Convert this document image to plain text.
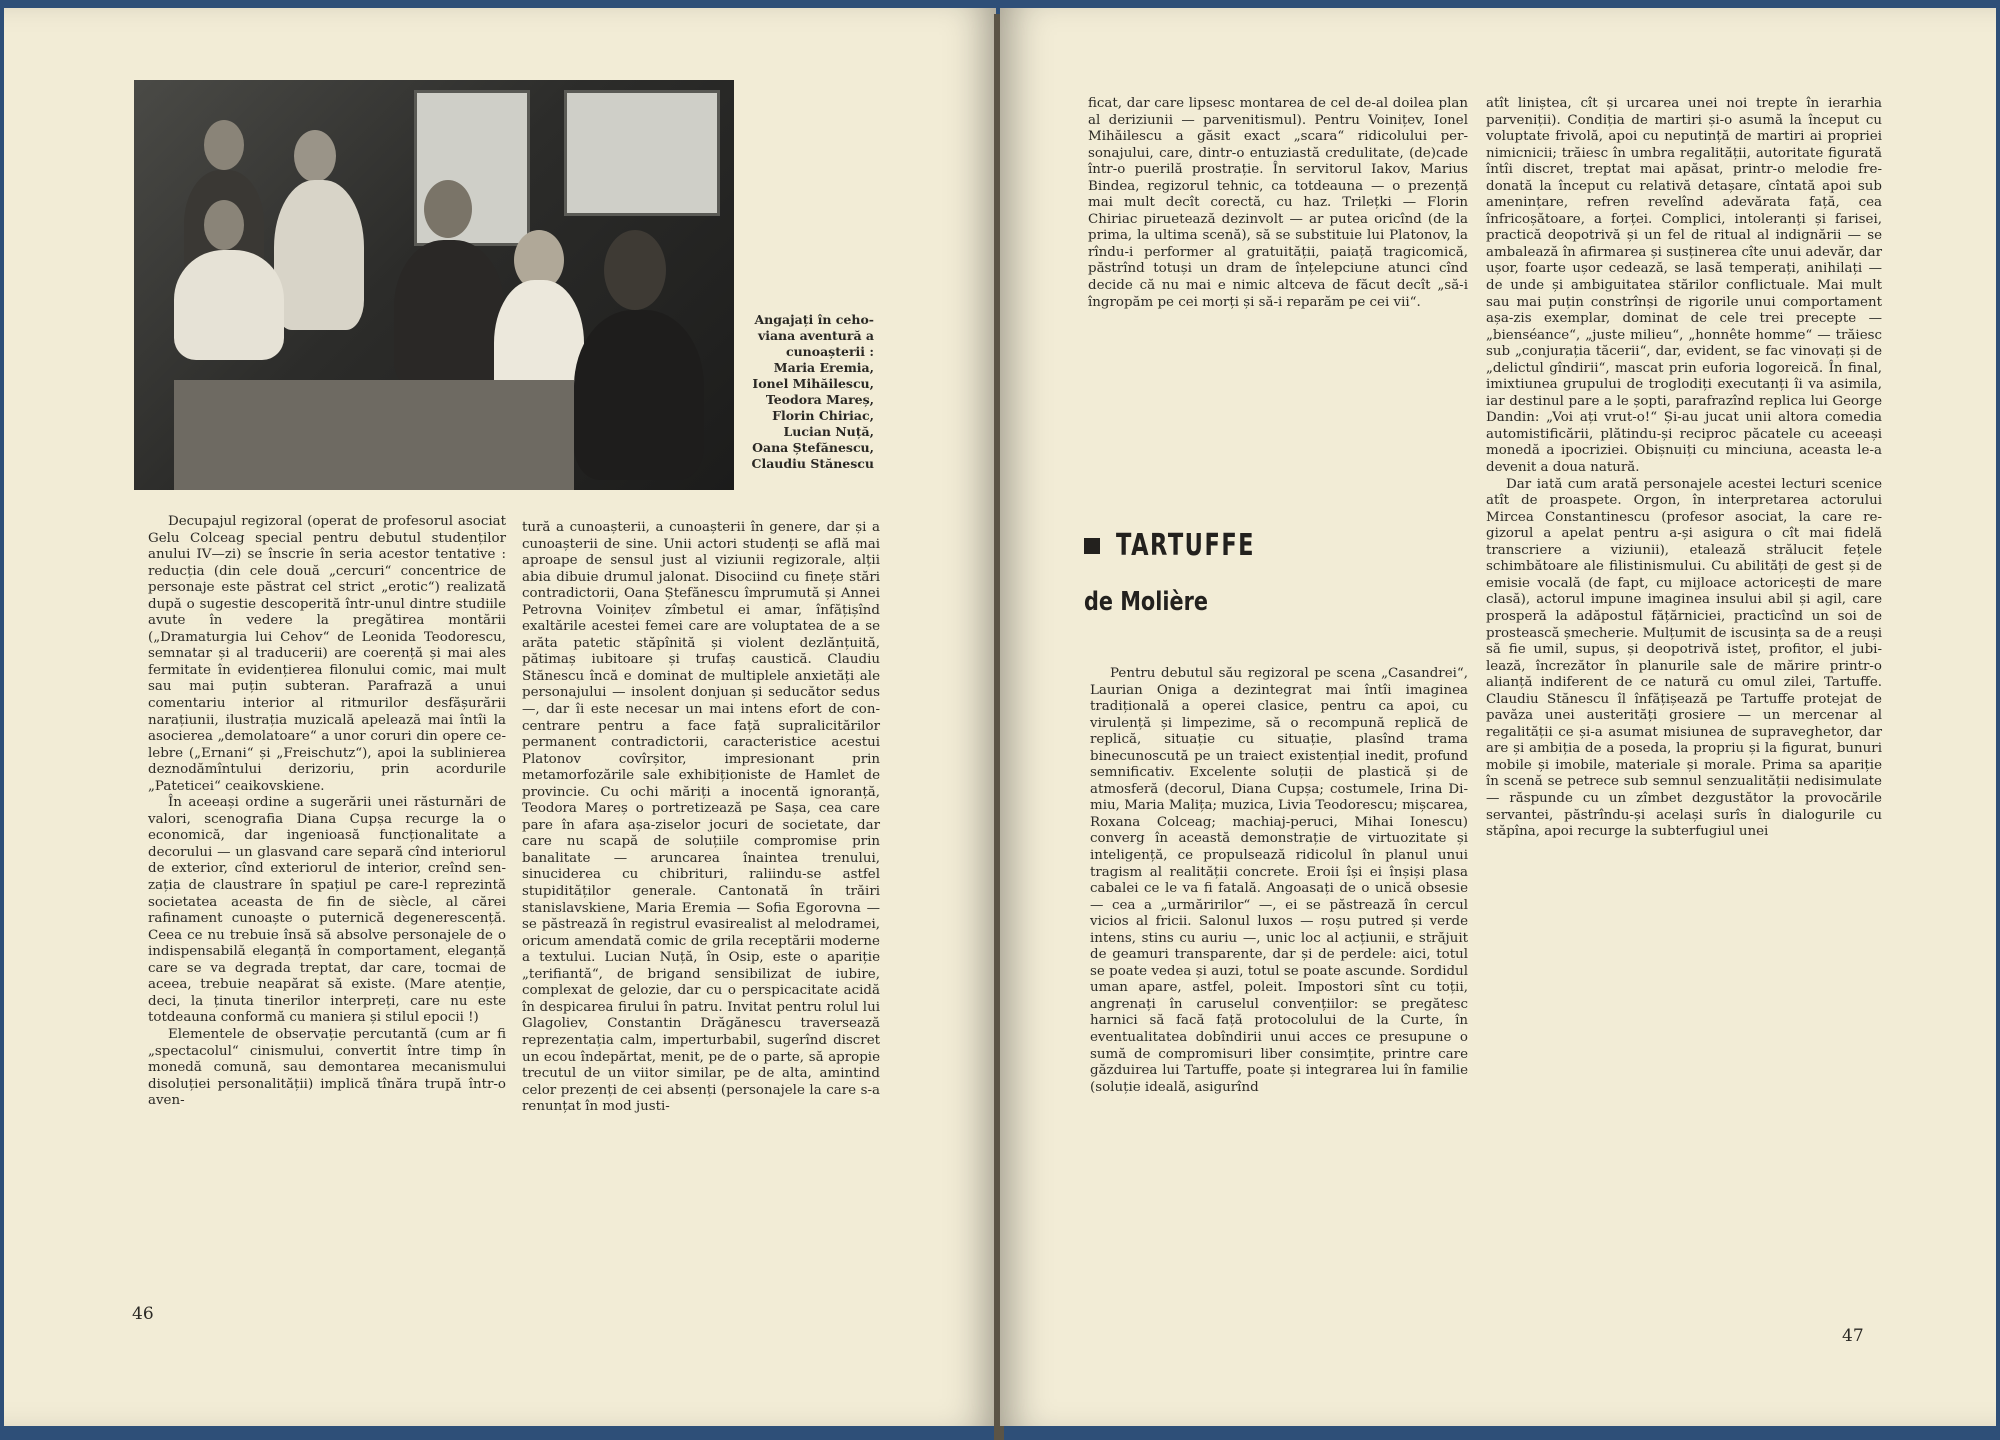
Angajați în cehoviana aventură a cunoașterii : Maria Eremia, Ionel Mihăilescu, Teodora Mareș, Florin Chiriac, Lucian Nuță, Oana Ștefănescu, Claudiu Stănescu

Decupajul regizoral (operat de profesorul asociat Gelu Colceag special pentru debutul studenților anului IV—zi) se înscrie în seria acestor tentative : reducția (din cele două „cercuri“ concentrice de personaje este păstrat cel strict „erotic“) realizată după o sugestie descoperită într-unul dintre studiile avute în vedere la pregătirea montării („Dramaturgia lui Cehov“ de Leonida Teodorescu, semnatar și al traducerii) are coerență și mai ales fermitate în evidențierea filonului comic, mai mult sau mai puțin subteran. Parafrază a unui comentariu interior al ritmurilor desfășurării narațiunii, ilustrația muzicală apelează mai întîi la asocierea „demolatoare“ a unor coruri din opere celebre („Ernani“ și „Freischutz“), apoi la sublinierea deznodămîntului derizoriu, prin acordurile „Pateticei“ ceaikovskiene.

În aceeași ordine a sugerării unei răsturnări de valori, scenografia Diana Cupșa recurge la o economică, dar ingenioasă funcționalitate a decorului — un glasvand care separă cînd interiorul de exterior, cînd exteriorul de interior, creînd senzația de claustrare în spațiul pe care-l reprezintă societatea aceasta de fin de siècle, al cărei rafinament cunoaște o puternică degenerescență. Ceea ce nu trebuie însă să absolve personajele de o indispensabilă eleganță în comportament, eleganță care se va degrada treptat, dar care, tocmai de aceea, trebuie neapărat să existe. (Mare atenție, deci, la ținuta tinerilor interpreți, care nu este totdeauna conformă cu maniera și stilul epocii !)

Elementele de observație percutantă (cum ar fi „spectacolul“ cinismului, convertit între timp în monedă comună, sau demontarea mecanismului disoluției personalității) implică tînăra trupă într-o aven-

tură a cunoașterii, a cunoașterii în genere, dar și a cunoașterii de sine. Unii actori studenți se află mai aproape de sensul just al viziunii regizorale, alții abia dibuie drumul jalonat. Disociind cu finețe stări contradictorii, Oana Ștefănescu împrumută și Annei Petrovna Voinițev zîmbetul ei amar, înfățișînd exaltările acestei femei care are voluptatea de a se arăta patetic stăpînită și violent dezlănțuită, pătimaș iubitoare și trufaș caustică. Claudiu Stănescu încă e dominat de multiplele anxietăți ale personajului — insolent donjuan și seducător sedus —, dar îi este necesar un mai intens efort de concentrare pentru a face față supralicitărilor permanent contradictorii, caracteristice acestui Platonov covîrșitor, impresionant prin metamorfozările sale exhibiționiste de Hamlet de provincie. Cu ochi măriți a inocentă ignoranță, Teodora Mareș o portretizează pe Sașa, cea care pare în afara așa-ziselor jocuri de societate, dar care nu scapă de soluțiile compromise prin banalitate — aruncarea înaintea trenului, sinuciderea cu chibrituri, raliindu-se astfel stupidităților generale. Cantonată în trăiri stanislavskiene, Maria Eremia — Sofia Egorovna — se păstrează în registrul evasirealist al melodramei, oricum amendată comic de grila receptării moderne a textului. Lucian Nuță, în Osip, este o apariție „terifiantă“, de brigand sensibilizat de iubire, complexat de gelozie, dar cu o perspicacitate acidă în despicarea firului în patru. Invitat pentru rolul lui Glagoliev, Constantin Drăgănescu traversează reprezentația calm, imperturbabil, sugerînd discret un ecou îndepărtat, menit, pe de o parte, să apropie trecutul de un viitor similar, pe de alta, amintind celor prezenți de cei absenți (personajele la care s-a renunțat în mod justi-

46

ficat, dar care lipsesc montarea de cel de-al doilea plan al deriziunii — parvenitismul). Pentru Voinițev, Ionel Mihăilescu a găsit exact „scara“ ridicolului personajului, care, dintr-o entuziastă credulitate, (de)cade într-o puerilă prostrație. În servitorul Iakov, Marius Bindea, regizorul tehnic, ca totdeauna — o prezență mai mult decît corectă, cu haz. Trilețki — Florin Chiriac piruetează dezinvolt — ar putea oricînd (de la prima, la ultima scenă), să se substituie lui Platonov, la rîndu-i performer al gratuității, paiață tragicomică, păstrînd totuși un dram de înțelepciune atunci cînd decide că nu mai e nimic altceva de făcut decît „să-i îngropăm pe cei morți și să-i reparăm pe cei vii“.

atît liniștea, cît și urcarea unei noi trepte în ierarhia parveniții). Condiția de martiri și-o asumă la început cu voluptate frivolă, apoi cu neputință de martiri ai propriei nimicnicii; trăiesc în umbra regalității, autoritate figurată întîi discret, treptat mai apăsat, printr-o melodie fredonată la început cu relativă detașare, cîntată apoi sub amenințare, refren revelînd adevărata față, cea înfricoșătoare, a forței. Complici, intoleranți și farisei, practică deopotrivă și un fel de ritual al indignării — se ambalează în afirmarea și susținerea cîte unui adevăr, dar ușor, foarte ușor cedează, se lasă temperați, anihilați — de unde și ambiguitatea stărilor conflictuale. Mai mult sau mai puțin constrînși de rigorile unui comportament așa-zis exemplar, dominat de cele trei precepte — „bienséance“, „juste milieu“, „honnête homme“ — trăiesc sub „conjurația tăcerii“, dar, evident, se fac vinovați și de „delictul gîndirii“, mascat prin euforia logoreică. În final, imixtiunea grupului de troglodiți executanți îi va asimila, iar destinul pare a le șopti, parafrazînd replica lui George Dandin: „Voi ați vrut-o!“ Și-au jucat unii altora comedia automistificării, plătindu-și reciproc păcatele cu aceeași monedă a ipocriziei. Obișnuiți cu minciuna, aceasta le-a devenit a doua natură.

Dar iată cum arată personajele acestei lecturi scenice atît de proaspete. Orgon, în interpretarea actorului Mircea Constantinescu (profesor asociat, la care regizorul a apelat pentru a-și asigura o cît mai fidelă transcriere a viziunii), etalează strălucit fețele schimbătoare ale filistinismului. Cu abilități de gest și de emisie vocală (de fapt, cu mijloace actoricești de mare clasă), actorul impune imaginea insului abil și agil, care prosperă la adăpostul fățărniciei, practicînd un soi de prostească șmecherie. Mulțumit de iscusința sa de a reuși să fie umil, supus, și deopotrivă isteț, profitor, el jubilează, încrezător în planurile sale de mărire printr-o alianță indiferent de ce natură cu omul zilei, Tartuffe. Claudiu Stănescu îl înfățișează pe Tartuffe protejat de pavăza unei austerități grosiere — un mercenar al regalității ce și-a asumat misiunea de supraveghetor, dar are și ambiția de a poseda, la propriu și la figurat, bunuri mobile și imobile, materiale și morale. Prima sa apariție în scenă se petrece sub semnul senzualității nedisimulate — răspunde cu un zîmbet dezgustător la provocările servantei, păstrîndu-și același surîs în dialogurile cu stăpîna, apoi recurge la subterfugiul unei

TARTUFFE
de Molière

Pentru debutul său regizoral pe scena „Casandrei“, Laurian Oniga a dezintegrat mai întîi imaginea tradițională a operei clasice, pentru ca apoi, cu virulență și limpezime, să o recompună replică de replică, situație cu situație, plasînd trama binecunoscută pe un traiect existențial inedit, profund semnificativ. Excelente soluții de plastică și de atmosferă (decorul, Diana Cupșa; costumele, Irina Dimiu, Maria Malița; muzica, Livia Teodorescu; mișcarea, Roxana Colceag; machiaj-peruci, Mihai Ionescu) converg în această demonstrație de virtuozitate și inteligență, ce propulsează ridicolul în planul unui tragism al realității concrete. Eroii își ei înșiși plasa cabalei ce le va fi fatală. Angoasați de o unică obsesie — cea a „urmăririlor“ —, ei se păstrează în cercul vicios al fricii. Salonul luxos — roșu putred și verde intens, stins cu auriu —, unic loc al acțiunii, e străjuit de geamuri transparente, dar și de perdele: aici, totul se poate vedea și auzi, totul se poate ascunde. Sordidul uman apare, astfel, poleit. Impostori sînt cu toții, angrenați în caruselul convențiilor: se pregătesc harnici să facă față protocolului de la Curte, în eventualitatea dobîndirii unui acces ce presupune o sumă de compromisuri liber consimțite, printre care găzduirea lui Tartuffe, poate și integrarea lui în familie (soluție ideală, asigurînd

47
